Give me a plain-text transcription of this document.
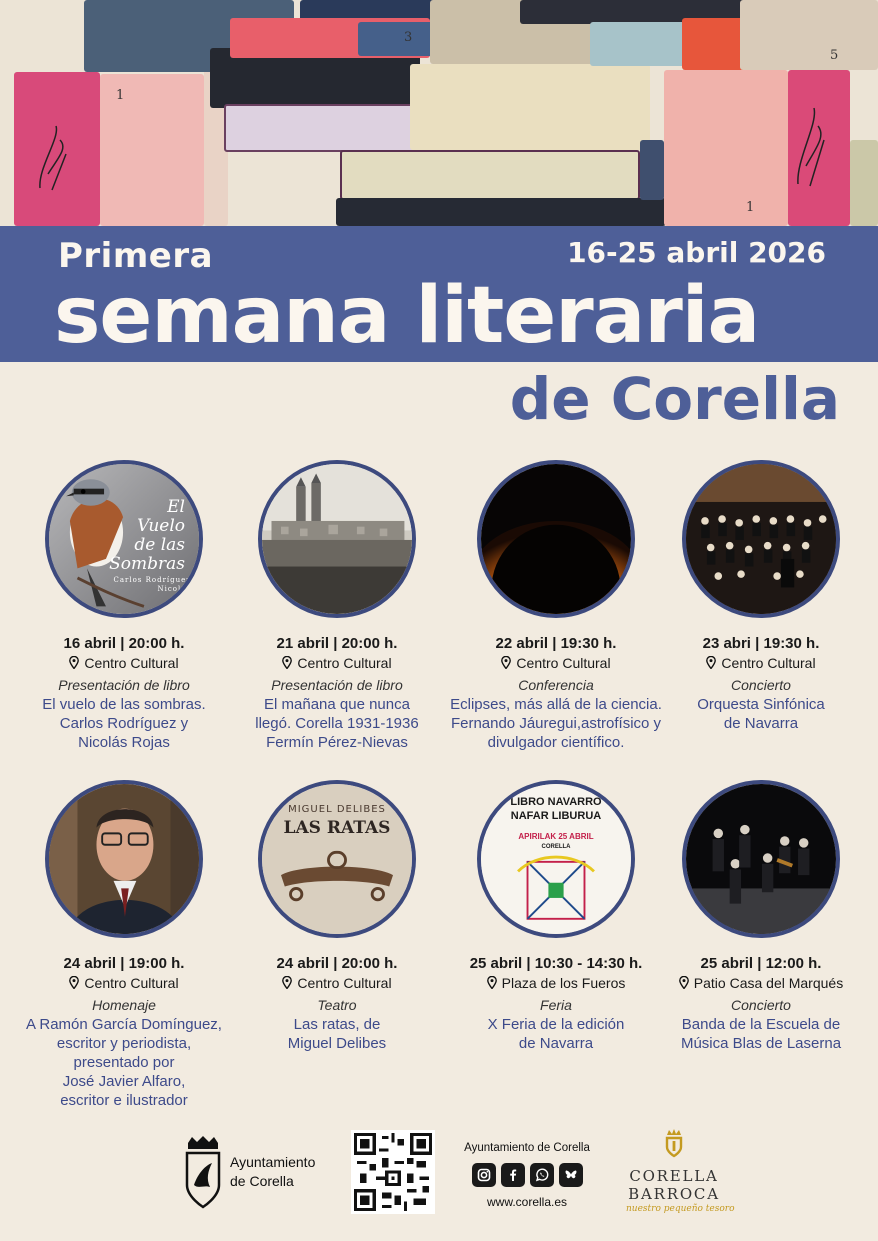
1
3
5
1
Primera	16-25 abril 2026
semana literaria
de Corella
El
Vuelo
de las
Sombras
Carlos Rodríguez
Nicolás
16 abril | 20:00 h.
Centro Cultural
Presentación de libro
El vuelo de las sombras.
Carlos Rodríguez y
Nicolás Rojas
21 abril | 20:00 h.
Centro Cultural
Presentación de libro
El mañana que nunca
llegó. Corella 1931-1936
Fermín Pérez-Nievas
22 abril | 19:30 h.
Centro Cultural
Conferencia
Eclipses, más allá de la ciencia.
Fernando Jáuregui,astrofísico y
divulgador científico.
23 abri | 19:30 h.
Centro Cultural
Concierto
Orquesta Sinfónica
de Navarra
24 abril | 19:00 h.
Centro Cultural
Homenaje
A Ramón García Domínguez,
escritor y periodista,
presentado por
José Javier Alfaro,
escritor e ilustrador
MIGUEL DELIBES
LAS RATAS
24 abril | 20:00 h.
Centro Cultural
Teatro
Las ratas, de
Miguel Delibes
LIBRO NAVARRO
NAFAR LIBURUA
APIRILAK 25 ABRIL
CORELLA
25 abril | 10:30 - 14:30 h.
Plaza de los Fueros
Feria
X Feria de la edición
de Navarra
25 abril | 12:00 h.
Patio Casa del Marqués
Concierto
Banda de la Escuela de
Música Blas de Laserna
Ayuntamiento
de Corella
Ayuntamiento de Corella
www.corella.es
CORELLA
BARROCA
nuestro pequeño tesoro
